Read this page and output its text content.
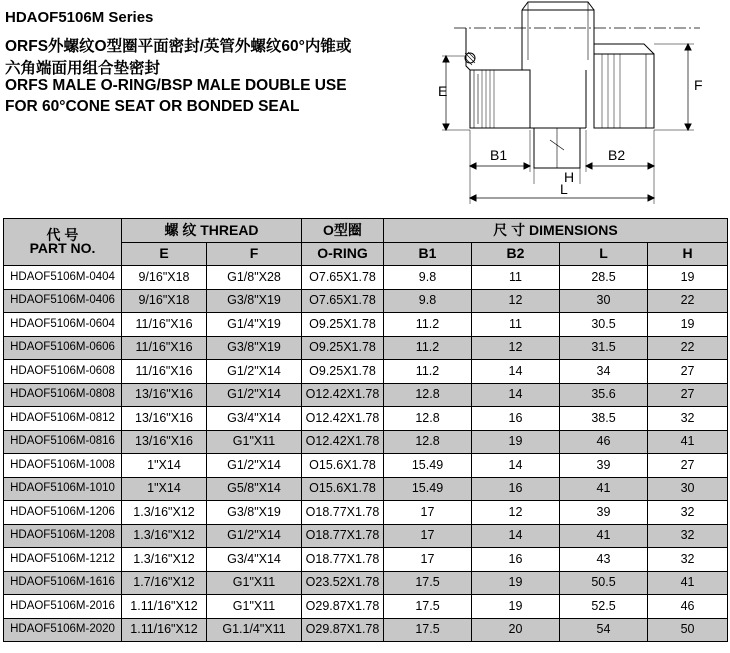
HDAOF5106M Series
ORFS外螺纹O型圈平面密封/英管外螺纹60°内锥或
六角端面用组合垫密封
ORFS MALE O-RING/BSP MALE DOUBLE USE
FOR 60°CONE SEAT OR BONDED SEAL
E	F
B1	B2
H
L
代 号
PART NO.	螺 纹 THREAD		O型圈	尺 寸 DIMENSIONS			
	E	F	O-RING	B1	B2	L	H
HDAOF5106M-0404	9/16"X18	G1/8"X28	O7.65X1.78	9.8	11	28.5	19
HDAOF5106M-0406	9/16"X18	G3/8"X19	O7.65X1.78	9.8	12	30	22
HDAOF5106M-0604	11/16"X16	G1/4"X19	O9.25X1.78	11.2	11	30.5	19
HDAOF5106M-0606	11/16"X16	G3/8"X19	O9.25X1.78	11.2	12	31.5	22
HDAOF5106M-0608	11/16"X16	G1/2"X14	O9.25X1.78	11.2	14	34	27
HDAOF5106M-0808	13/16"X16	G1/2"X14	O12.42X1.78	12.8	14	35.6	27
HDAOF5106M-0812	13/16"X16	G3/4"X14	O12.42X1.78	12.8	16	38.5	32
HDAOF5106M-0816	13/16"X16	G1"X11	O12.42X1.78	12.8	19	46	41
HDAOF5106M-1008	1"X14	G1/2"X14	O15.6X1.78	15.49	14	39	27
HDAOF5106M-1010	1"X14	G5/8"X14	O15.6X1.78	15.49	16	41	30
HDAOF5106M-1206	1.3/16"X12	G3/8"X19	O18.77X1.78	17	12	39	32
HDAOF5106M-1208	1.3/16"X12	G1/2"X14	O18.77X1.78	17	14	41	32
HDAOF5106M-1212	1.3/16"X12	G3/4"X14	O18.77X1.78	17	16	43	32
HDAOF5106M-1616	1.7/16"X12	G1"X11	O23.52X1.78	17.5	19	50.5	41
HDAOF5106M-2016	1.11/16"X12	G1"X11	O29.87X1.78	17.5	19	52.5	46
HDAOF5106M-2020	1.11/16"X12	G1.1/4"X11	O29.87X1.78	17.5	20	54	50
